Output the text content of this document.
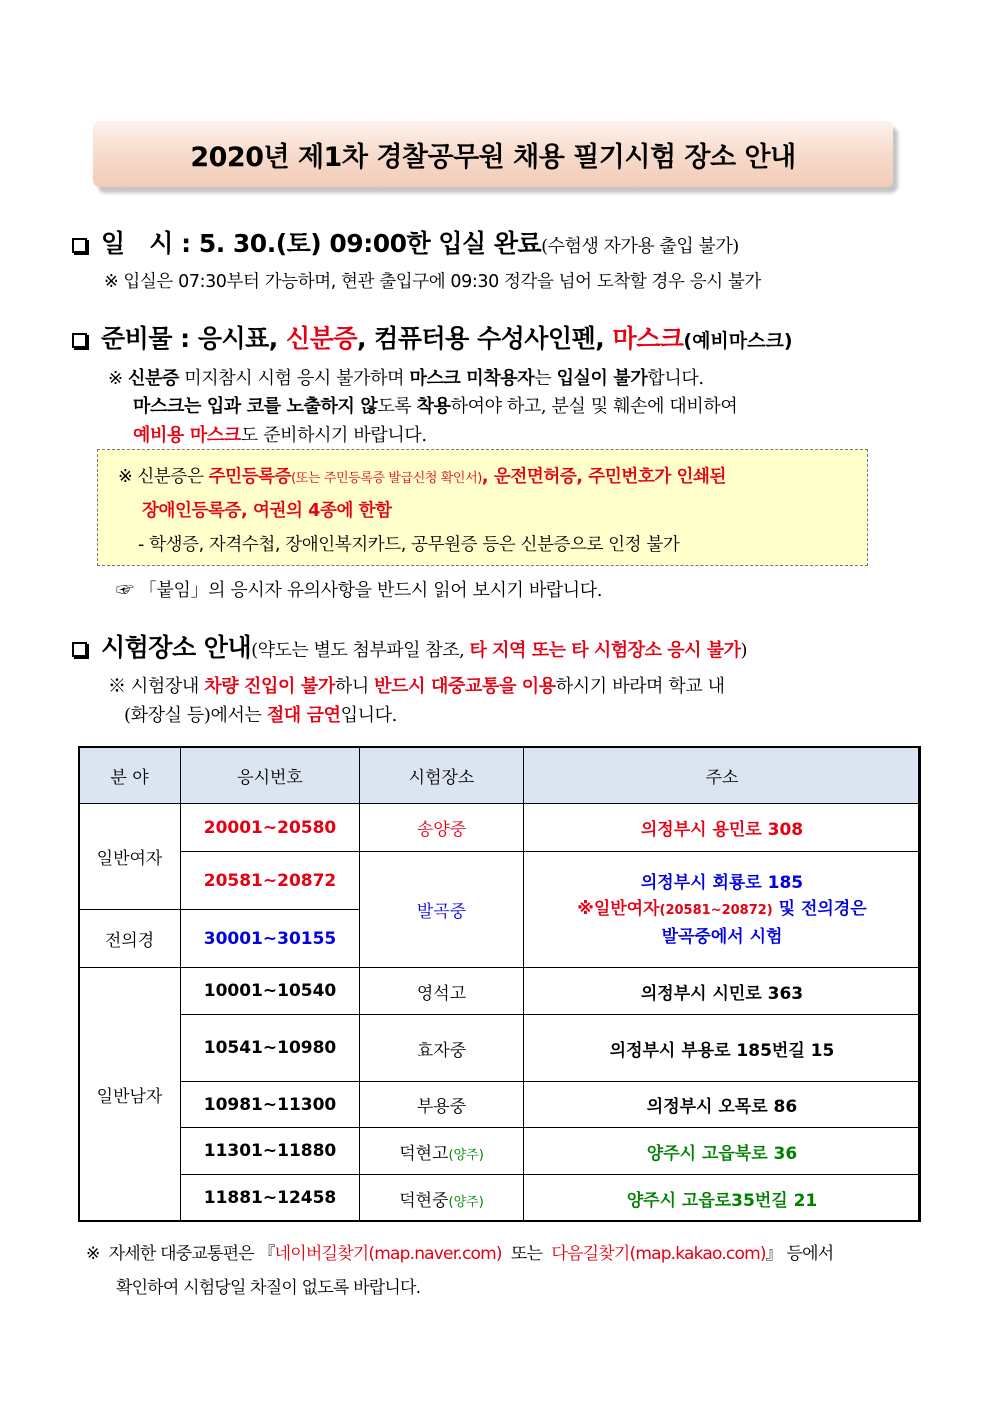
2020년 제1차 경찰공무원 채용 필기시험 장소 안내
일   시 : 5. 30.(토) 09:00한 입실 완료 (수험생 자가용 출입 불가)
※ 입실은 07:30부터 가능하며, 현관 출입구에 09:30 정각을 넘어 도착할 경우 응시 불가
준비물 : 응시표, 신분증 , 컴퓨터용 수성사인펜, 마스크 (예비마스크)
※ 신분증 미지참시 시험 응시 불가하며 마스크 미착용자는 입실이 불가합니다.
마스크는 입과 코를 노출하지 않도록 착용하여야 하고, 분실 및 훼손에 대비하여
예비용 마스크도 준비하시기 바랍니다.
※ 신분증은 주민등록증(또는 주민등록증 발급신청 확인서), 운전면허증, 주민번호가 인쇄된
장애인등록증, 여권의 4종에 한함
- 학생증, 자격수첩, 장애인복지카드, 공무원증 등은 신분증으로 인정 불가
☞ 「붙임」의 응시자 유의사항을 반드시 읽어 보시기 바랍니다.
시험장소 안내 (약도는 별도 첨부파일 참조, 타 지역 또는 타 시험장소 응시 불가 )
※ 시험장내 차량 진입이 불가하니 반드시 대중교통을 이용하시기 바라며 학교 내
(화장실 등)에서는 절대 금연입니다.
분 야	응시번호	시험장소	주소
일반여자	20001~20580	송양중	의정부시 용민로 308
	20581~20872	발곡중	의정부시 회룡로 185
※일반여자(20581~20872) 및 전의경은
발곡중에서 시험

전의경	30001~30155		
일반남자	10001~10540	영석고	의정부시 시민로 363
	10541~10980	효자중	의정부시 부용로 185번길 15
	10981~11300	부용중	의정부시 오목로 86
	11301~11880	덕현고(양주)	양주시 고읍북로 36
	11881~12458	덕현중(양주)	양주시 고읍로35번길 21
※  자세한 대중교통편은 『네이버길찾기(map.naver.com)  또는  다음길찾기(map.kakao.com)』 등에서
확인하여 시험당일 차질이 없도록 바랍니다.
